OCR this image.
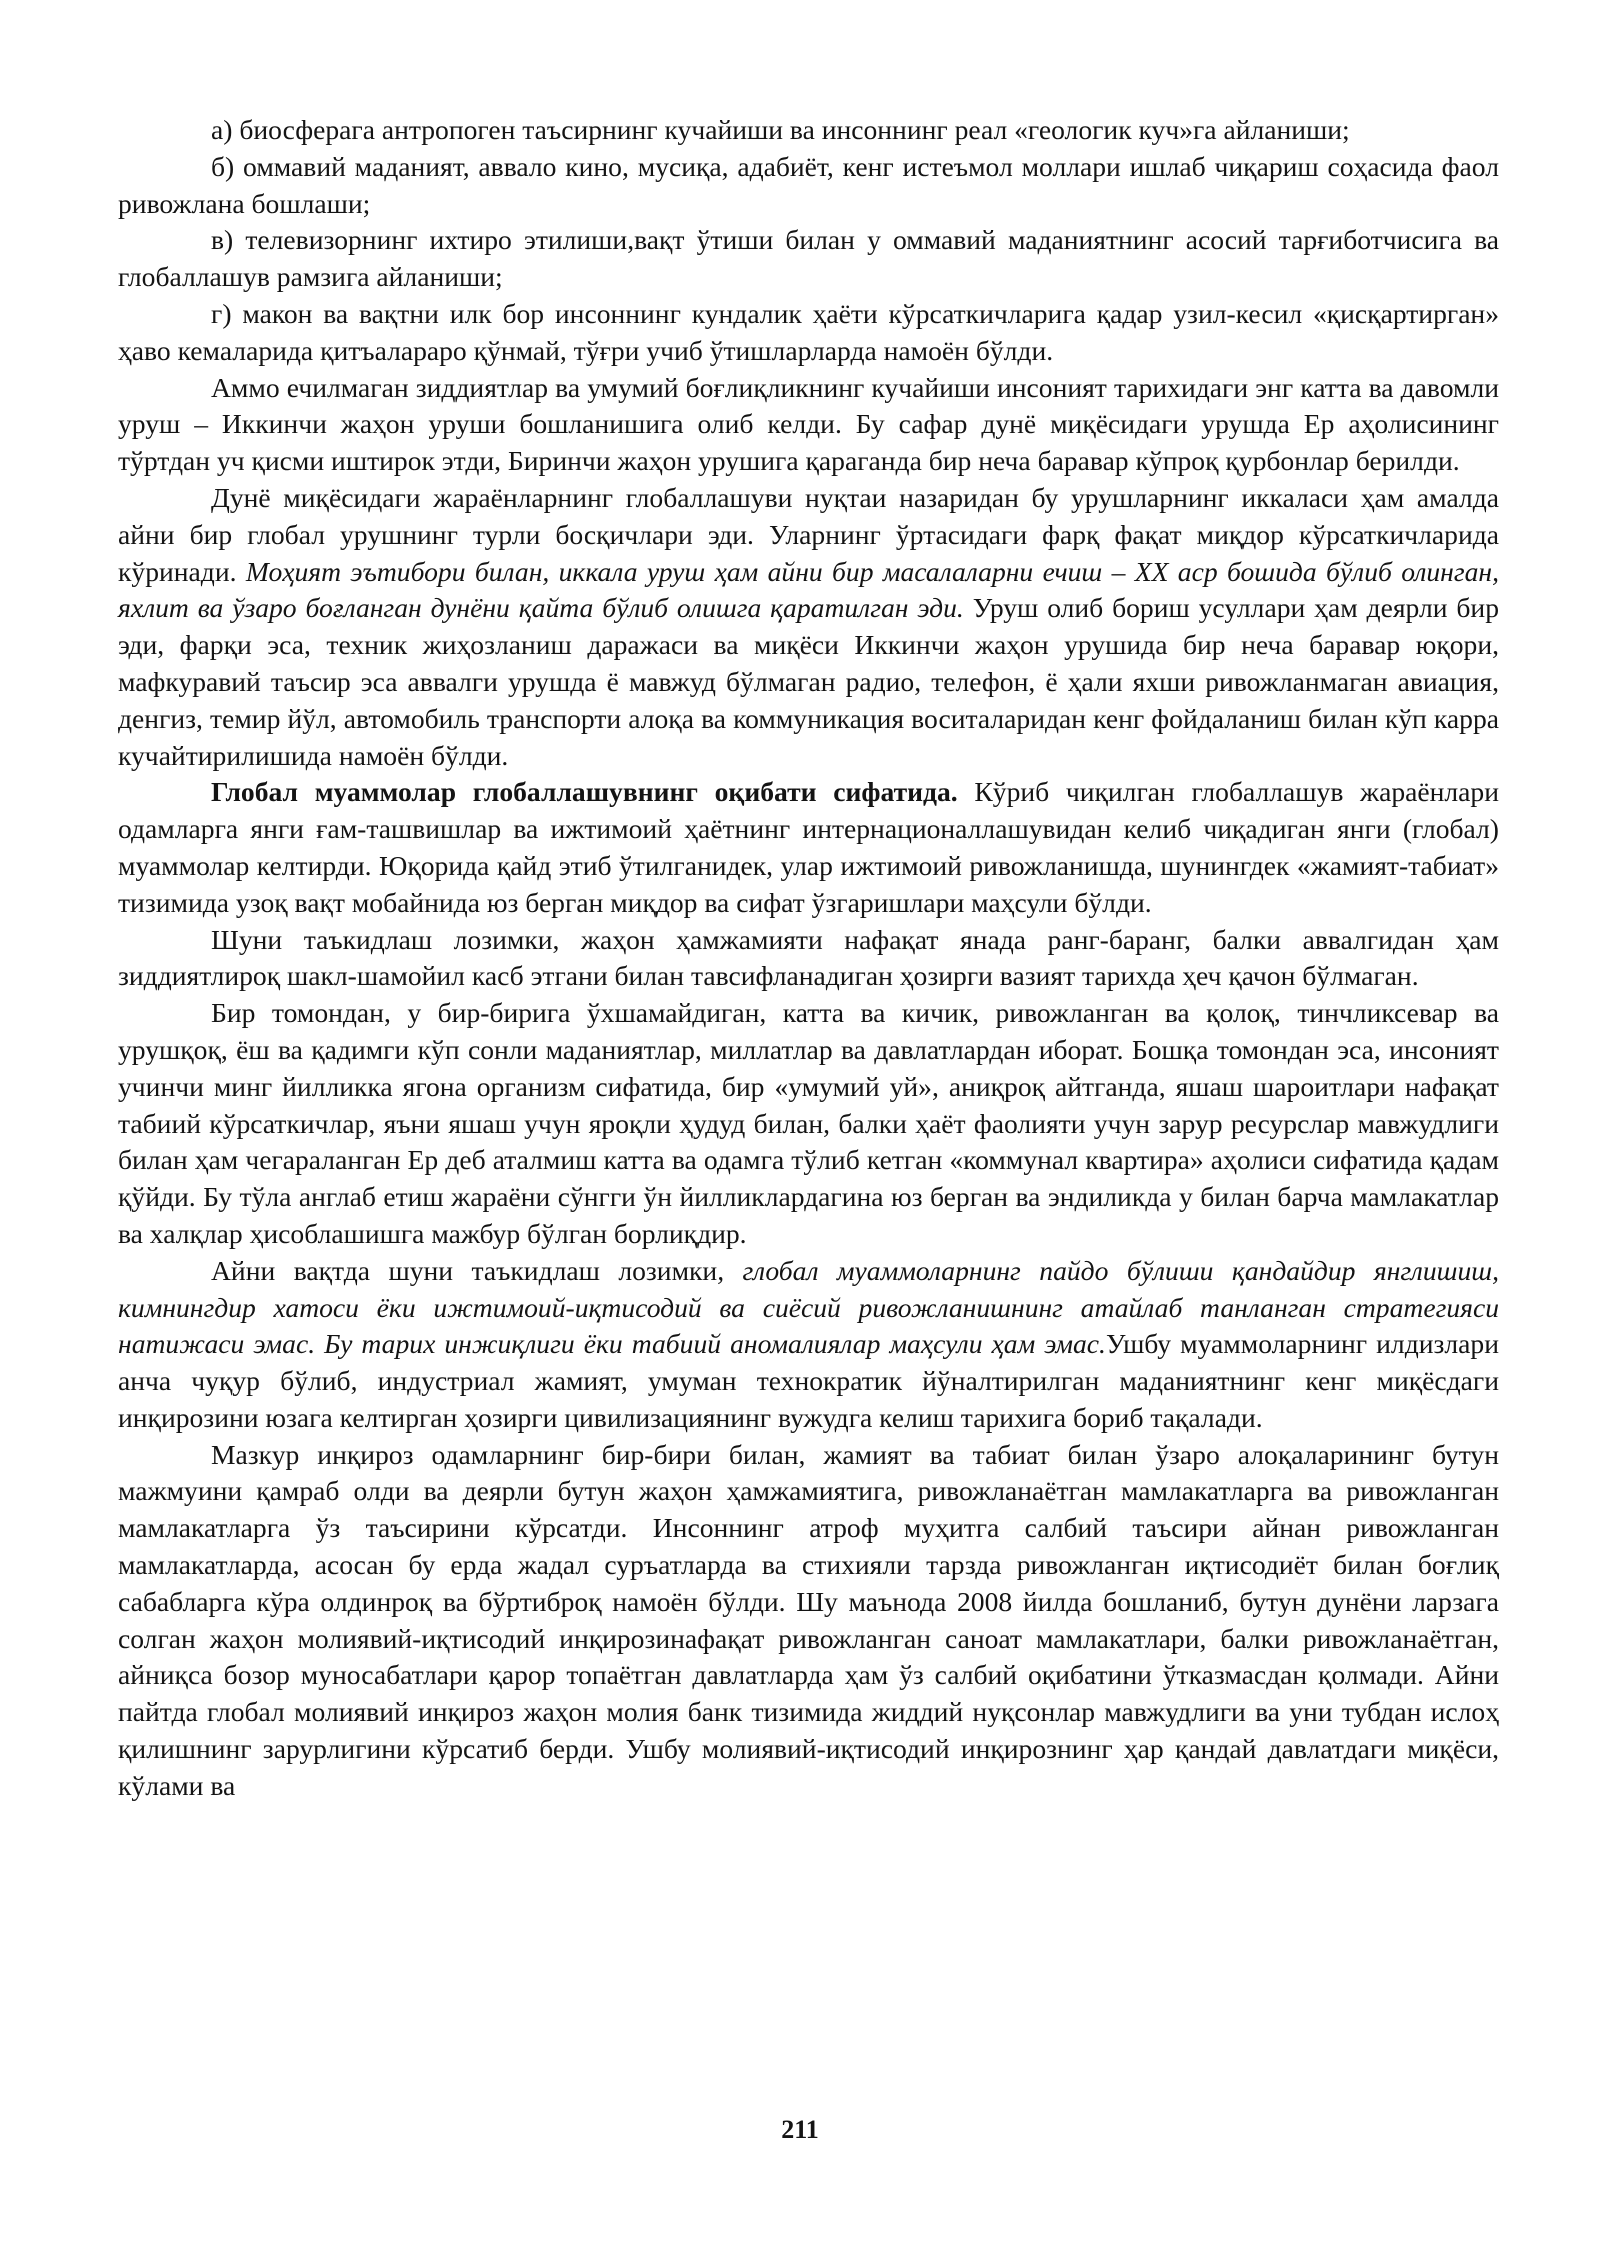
а) биосферага антропоген таъсирнинг кучайиши ва инсоннинг реал «геологик куч»га айланиши;

б) оммавий маданият, аввало кино, мусиқа, адабиёт, кенг истеъмол моллари ишлаб чиқариш соҳасида фаол ривожлана бошлаши;

в) телевизорнинг ихтиро этилиши,вақт ўтиши билан у оммавий маданиятнинг асосий тарғиботчисига ва глобаллашув рамзига айланиши;

г) макон ва вақтни илк бор инсоннинг кундалик ҳаёти кўрсаткичларига қадар узил-кесил «қисқартирган» ҳаво кемаларида қитъалараро қўнмай, тўғри учиб ўтишларларда намоён бўлди.

Аммо ечилмаган зиддиятлар ва умумий боғлиқликнинг кучайиши инсоният тарихидаги энг катта ва давомли уруш – Иккинчи жаҳон уруши бошланишига олиб келди. Бу сафар дунё миқёсидаги урушда Ер аҳолисининг тўртдан уч қисми иштирок этди, Биринчи жаҳон урушига қараганда бир неча баравар кўпроқ қурбонлар берилди.

Дунё миқёсидаги жараёнларнинг глобаллашуви нуқтаи назаридан бу урушларнинг иккаласи ҳам амалда айни бир глобал урушнинг турли босқичлари эди. Уларнинг ўртасидаги фарқ фақат миқдор кўрсаткичларида кўринади. Моҳият эътибори билан, иккала уруш ҳам айни бир масалаларни ечиш – ХХ аср бошида бўлиб олинган, яхлит ва ўзаро боғланган дунёни қайта бўлиб олишга қаратилган эди. Уруш олиб бориш усуллари ҳам деярли бир эди, фарқи эса, техник жиҳозланиш даражаси ва миқёси Иккинчи жаҳон урушида бир неча баравар юқори, мафкуравий таъсир эса аввалги урушда ё мавжуд бўлмаган радио, телефон, ё ҳали яхши ривожланмаган авиация, денгиз, темир йўл, автомобиль транспорти алоқа ва коммуникация воситаларидан кенг фойдаланиш билан кўп карра кучайтирилишида намоён бўлди.

Глобал муаммолар глобаллашувнинг оқибати сифатида. Кўриб чиқилган глобаллашув жараёнлари одамларга янги ғам-ташвишлар ва ижтимоий ҳаётнинг интернационаллашувидан келиб чиқадиган янги (глобал) муаммолар келтирди. Юқорида қайд этиб ўтилганидек, улар ижтимоий ривожланишда, шунингдек «жамият-табиат» тизимида узоқ вақт мобайнида юз берган миқдор ва сифат ўзгаришлари маҳсули бўлди.

Шуни таъкидлаш лозимки, жаҳон ҳамжамияти нафақат янада ранг-баранг, балки аввалгидан ҳам зиддиятлироқ шакл-шамойил касб этгани билан тавсифланадиган ҳозирги вазият тарихда ҳеч қачон бўлмаган.

Бир томондан, у бир-бирига ўхшамайдиган, катта ва кичик, ривожланган ва қолоқ, тинчликсевар ва урушқоқ, ёш ва қадимги кўп сонли маданиятлар, миллатлар ва давлатлардан иборат. Бошқа томондан эса, инсоният учинчи минг йилликка ягона организм сифатида, бир «умумий уй», аниқроқ айтганда, яшаш шароитлари нафақат табиий кўрсаткичлар, яъни яшаш учун яроқли ҳудуд билан, балки ҳаёт фаолияти учун зарур ресурслар мавжудлиги билан ҳам чегараланган Ер деб аталмиш катта ва одамга тўлиб кетган «коммунал квартира» аҳолиси сифатида қадам қўйди. Бу тўла англаб етиш жараёни сўнгги ўн йилликлардагина юз берган ва эндиликда у билан барча мамлакатлар ва халқлар ҳисоблашишга мажбур бўлган борлиқдир.

Айни вақтда шуни таъкидлаш лозимки, глобал муаммоларнинг пайдо бўлиши қандайдир янглишиш, кимнингдир хатоси ёки ижтимоий-иқтисодий ва сиёсий ривожланишнинг атайлаб танланган стратегияси натижаси эмас. Бу тарих инжиқлиги ёки табиий аномалиялар маҳсули ҳам эмас.Ушбу муаммоларнинг илдизлари анча чуқур бўлиб, индустриал жамият, умуман технократик йўналтирилган маданиятнинг кенг миқёсдаги инқирозини юзага келтирган ҳозирги цивилизациянинг вужудга келиш тарихига бориб тақалади.

Мазкур инқироз одамларнинг бир-бири билан, жамият ва табиат билан ўзаро алоқаларининг бутун мажмуини қамраб олди ва деярли бутун жаҳон ҳамжамиятига, ривожланаётган мамлакатларга ва ривожланган мамлакатларга ўз таъсирини кўрсатди. Инсоннинг атроф муҳитга салбий таъсири айнан ривожланган мамлакатларда, асосан бу ерда жадал суръатларда ва стихияли тарзда ривожланган иқтисодиёт билан боғлиқ сабабларга кўра олдинроқ ва бўртиброқ намоён бўлди. Шу маънода 2008 йилда бошланиб, бутун дунёни ларзага солган жаҳон молиявий-иқтисодий инқирозинафақат ривожланган саноат мамлакатлари, балки ривожланаётган, айниқса бозор муносабатлари қарор топаётган давлатларда ҳам ўз салбий оқибатини ўтказмасдан қолмади. Айни пайтда глобал молиявий инқироз жаҳон молия банк тизимида жиддий нуқсонлар мавжудлиги ва уни тубдан ислоҳ қилишнинг зарурлигини кўрсатиб берди. Ушбу молиявий-иқтисодий инқирознинг ҳар қандай давлатдаги миқёси, кўлами ва

211
